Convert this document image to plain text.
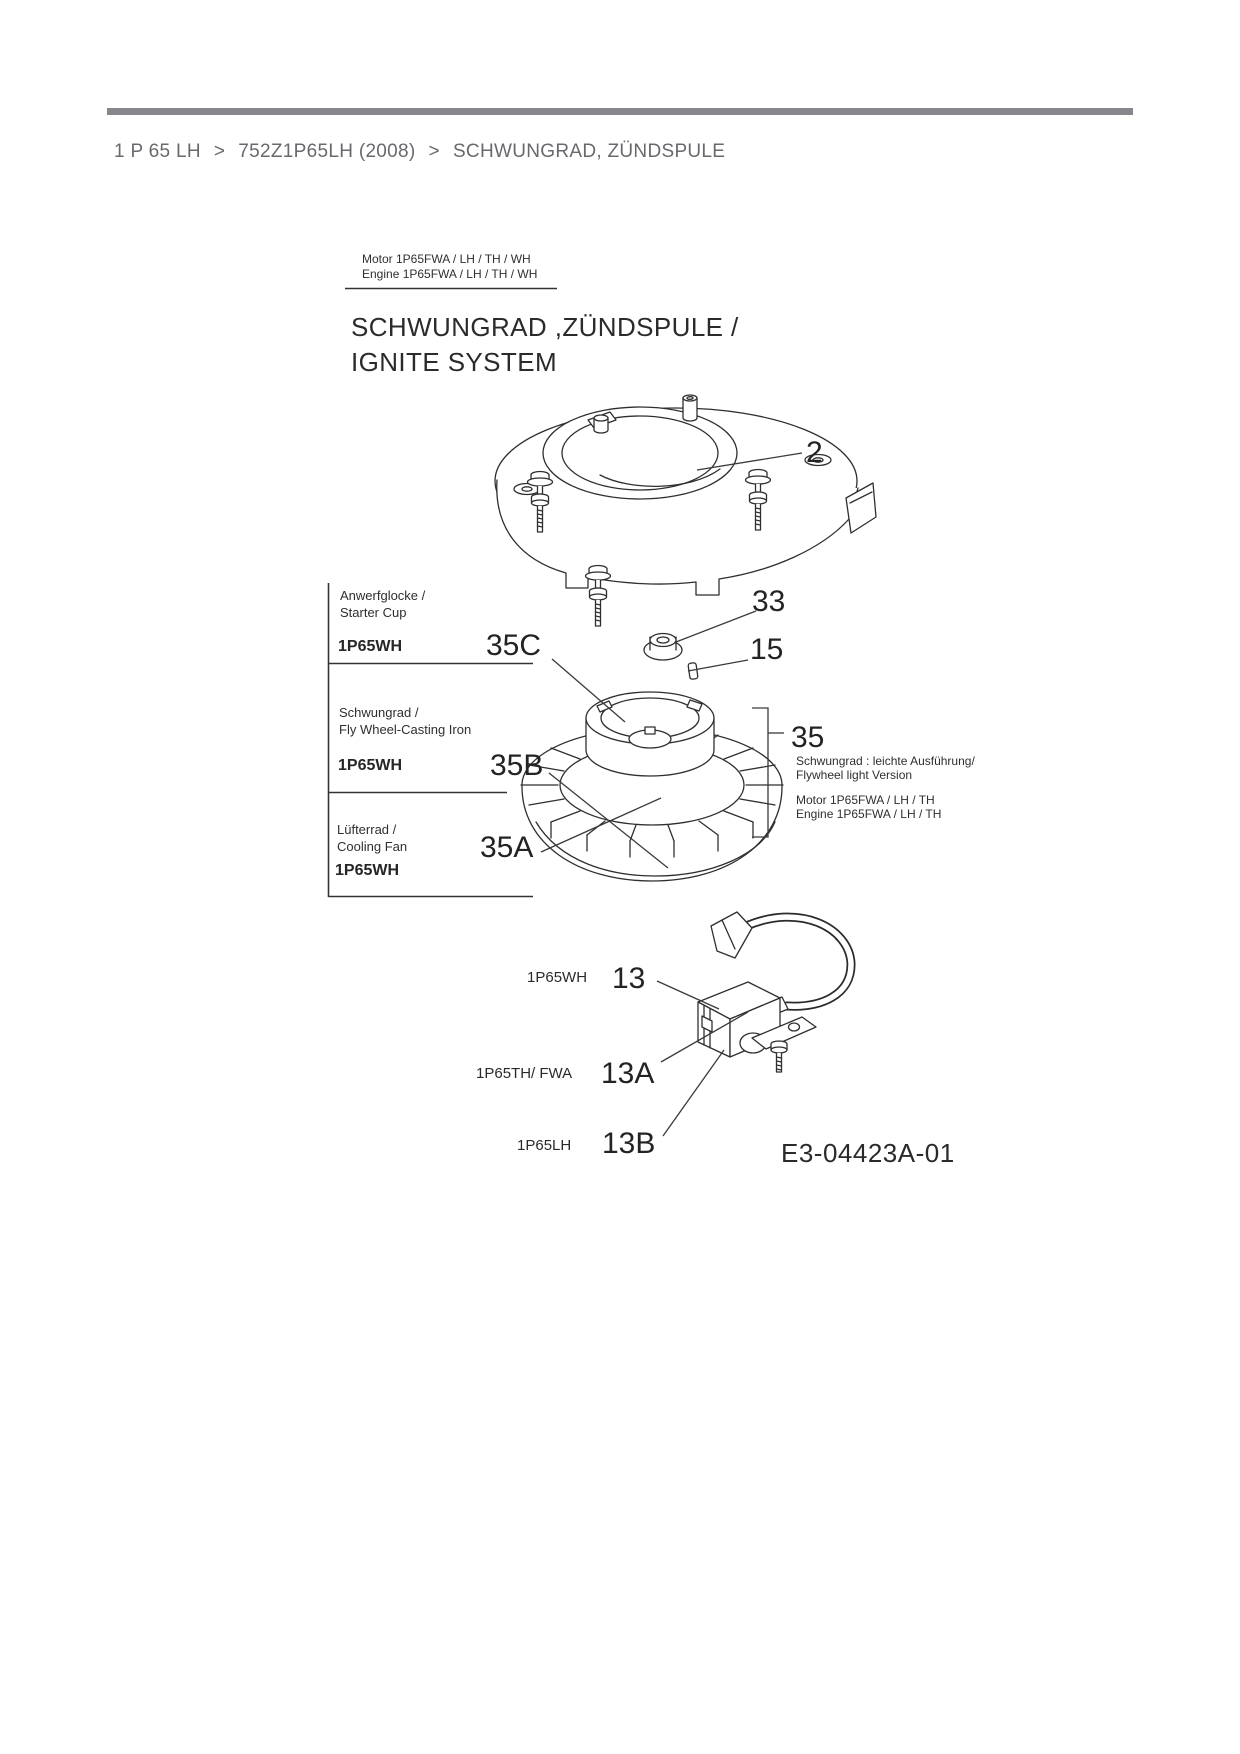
1 P 65 LH > 752Z1P65LH (2008) > SCHWUNGRAD, ZÜNDSPULE
Motor 1P65FWA / LH / TH / WH
Engine 1P65FWA / LH / TH / WH
SCHWUNGRAD ,ZÜNDSPULE /
IGNITE SYSTEM
Anwerfglocke /
Starter Cup
1P65WH	35C
Schwungrad /
Fly Wheel-Casting Iron
1P65WH	35B
Lüfterrad /
Cooling Fan
1P65WH
35A
2
33
15
35
Schwungrad : leichte Ausführung/
Flywheel light Version
Motor 1P65FWA / LH / TH
Engine 1P65FWA / LH / TH
1P65WH 13
1P65TH/ FWA 13A
1P65LH 13B	E3-04423A-01
